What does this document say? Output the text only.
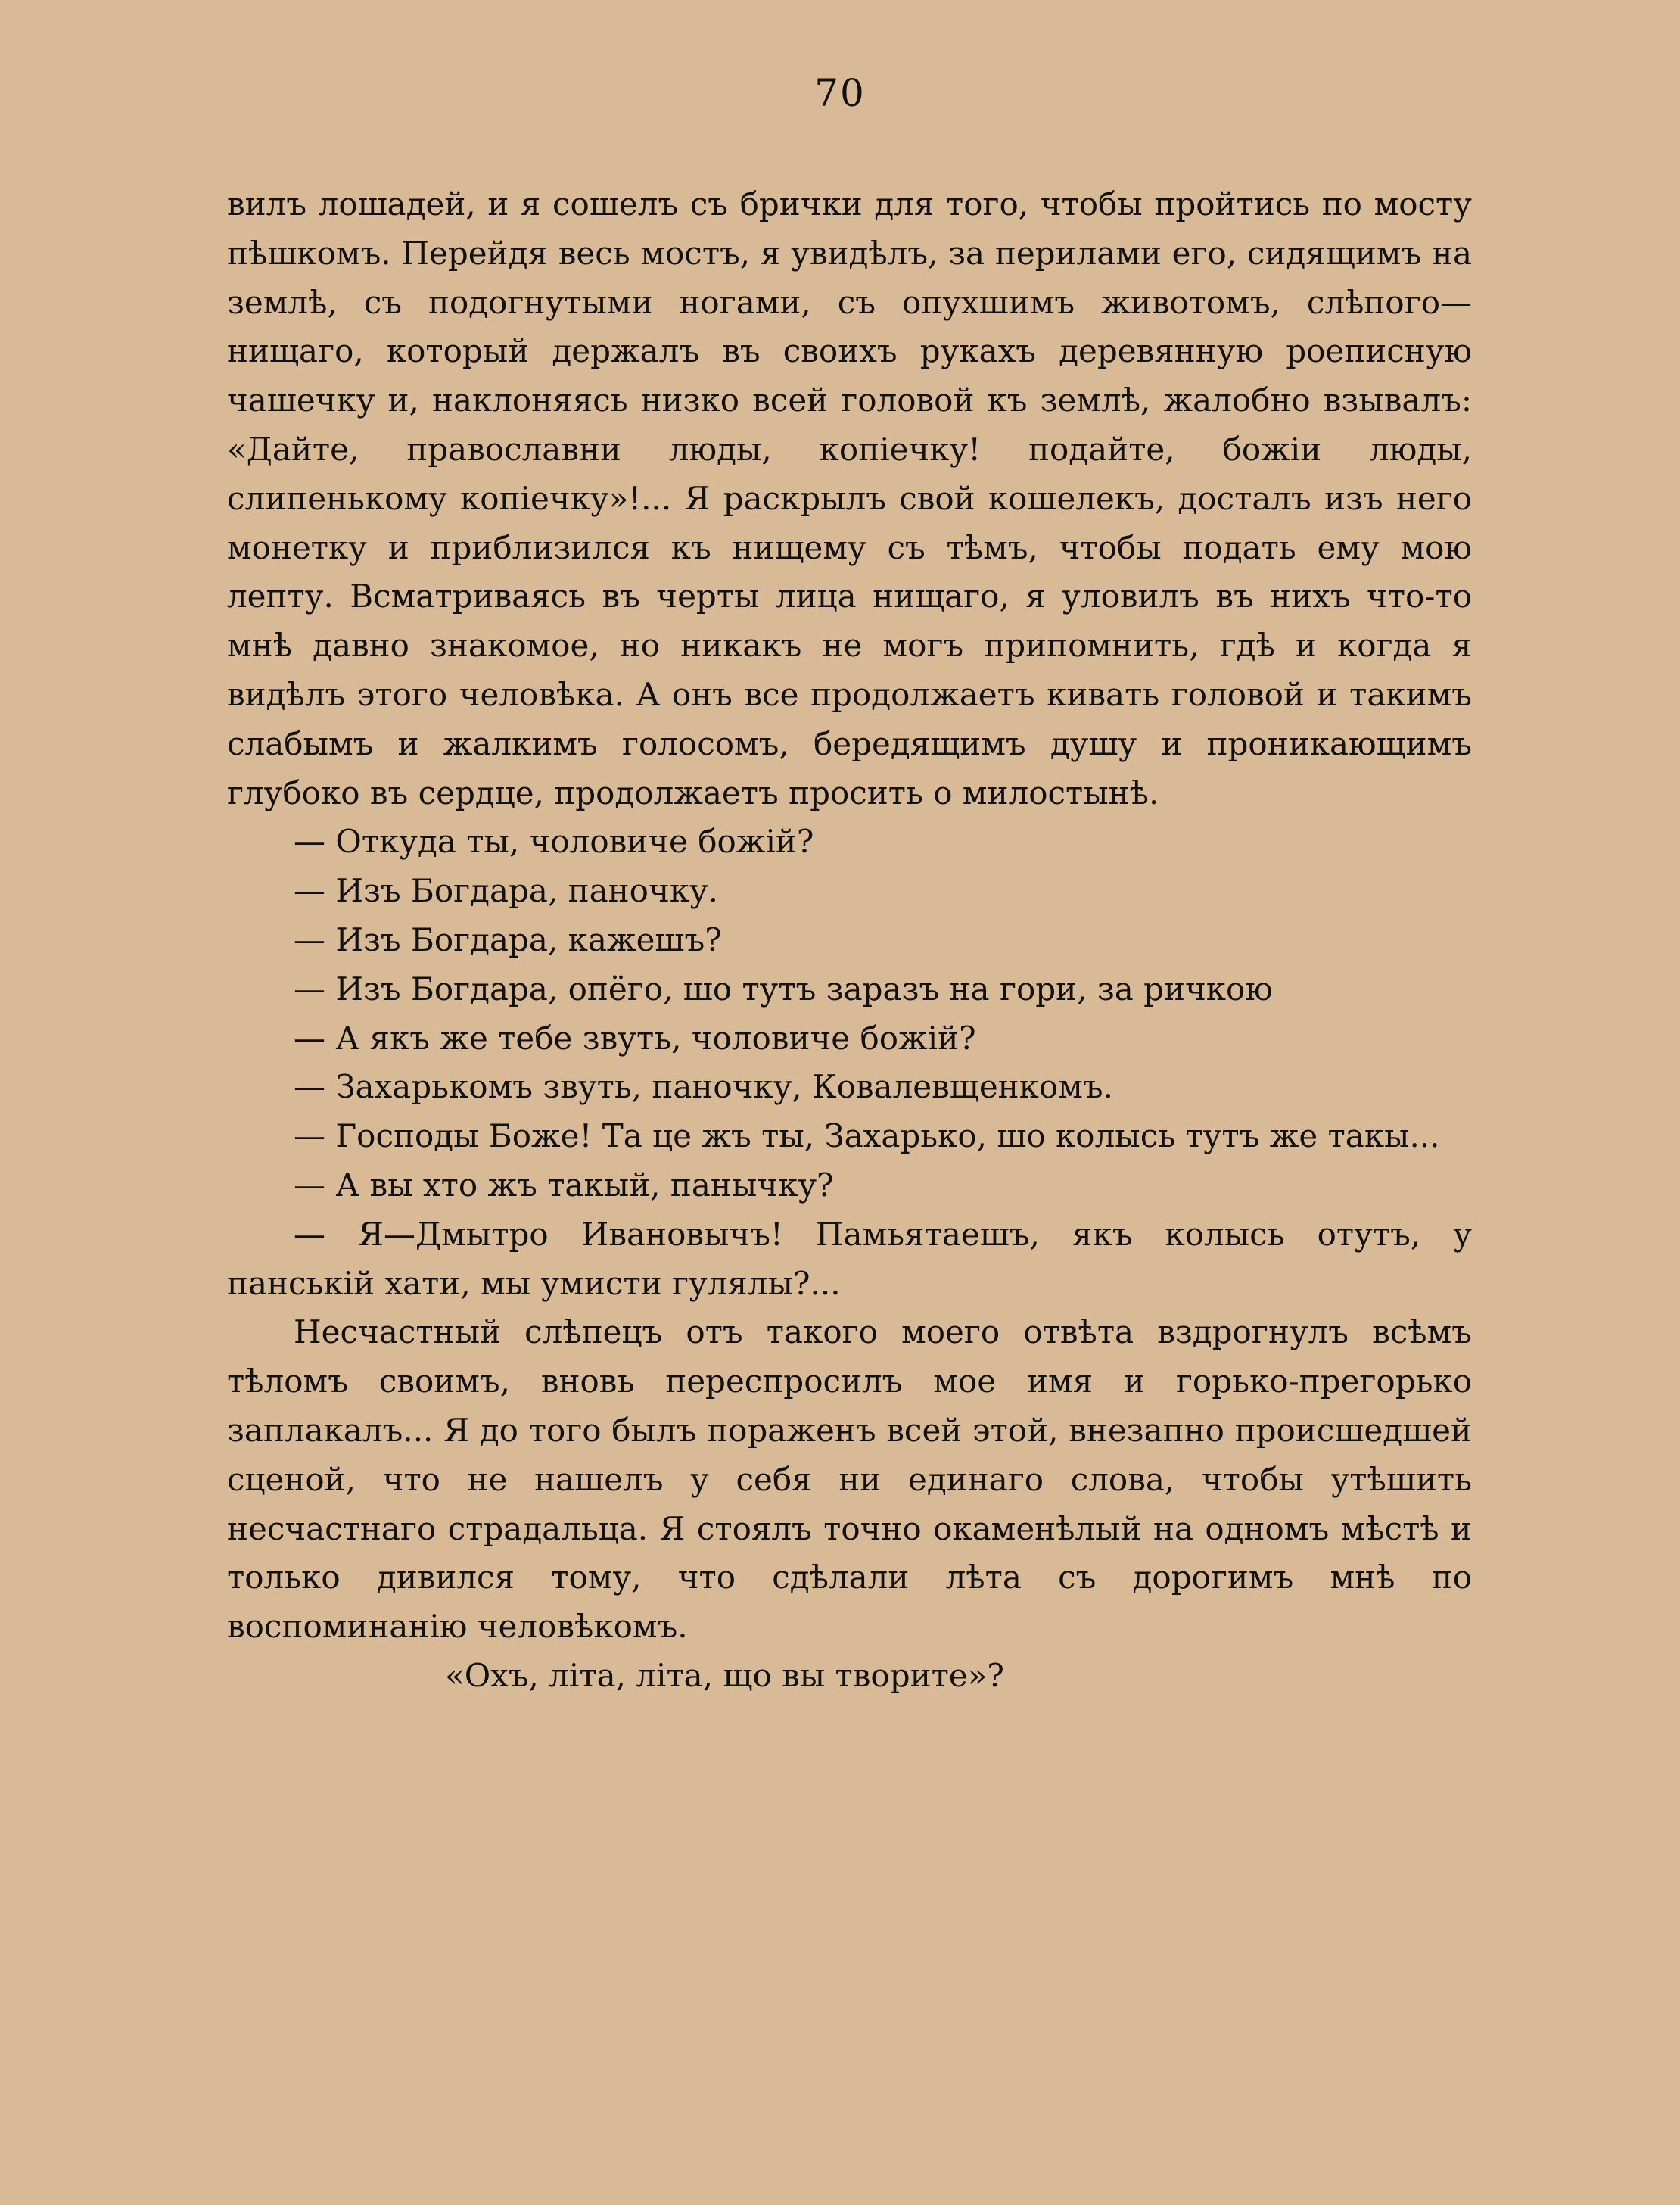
70

вилъ лошадей, и я сошелъ съ брички для того, чтобы пройтись по мосту пѣшкомъ. Перейдя весь мостъ, я увидѣлъ, за перилами его, сидящимъ на землѣ, съ подогнутыми ногами, съ опухшимъ животомъ, слѣпого—нищаго, который держалъ въ своихъ рукахъ деревянную роеписную чашечку и, наклоняясь низко всей головой къ землѣ, жалобно взывалъ: «Дайте, православни люды, копiечку! подайте, божiи люды, слипенькому копiечку»!... Я раскрылъ свой кошелекъ, досталъ изъ него монетку и приблизился къ нищему съ тѣмъ, чтобы подать ему мою лепту. Всматриваясь въ черты лица нищаго, я уловилъ въ нихъ что-то мнѣ давно знакомое, но никакъ не могъ припомнить, гдѣ и когда я видѣлъ этого человѣка. А онъ все продолжаетъ кивать головой и такимъ слабымъ и жалкимъ голосомъ, бередящимъ душу и проникающимъ глубоко въ сердце, продолжаетъ просить о милостынѣ.

— Откуда ты, чоловиче божiй?

— Изъ Богдара, паночку.

— Изъ Богдара, кажешъ?

— Изъ Богдара, опёго, шо тутъ заразъ на гори, за ричкою

— А якъ же тебе звуть, чоловиче божiй?

— Захарькомъ звуть, паночку, Ковалевщенкомъ.

— Господы Боже! Та це жъ ты, Захарько, шо колысь тутъ же такы...

— А вы хто жъ такый, панычку?

— Я—Дмытро Ивановычъ! Памьятаешъ, якъ колысь отутъ, у панськiй хати, мы умисти гулялы?...

Несчастный слѣпецъ отъ такого моего отвѣта вздрогнулъ всѣмъ тѣломъ своимъ, вновь переспросилъ мое имя и горько-прегорько заплакалъ... Я до того былъ пораженъ всей этой, внезапно происшедшей сценой, что не нашелъ у себя ни единаго слова, чтобы утѣшить несчастнаго страдальца. Я стоялъ точно окаменѣлый на одномъ мѣстѣ и только дивился тому, что сдѣлали лѣта съ дорогимъ мнѣ по воспоминанiю человѣкомъ.

«Охъ, лiта, лiта, що вы творите»?
